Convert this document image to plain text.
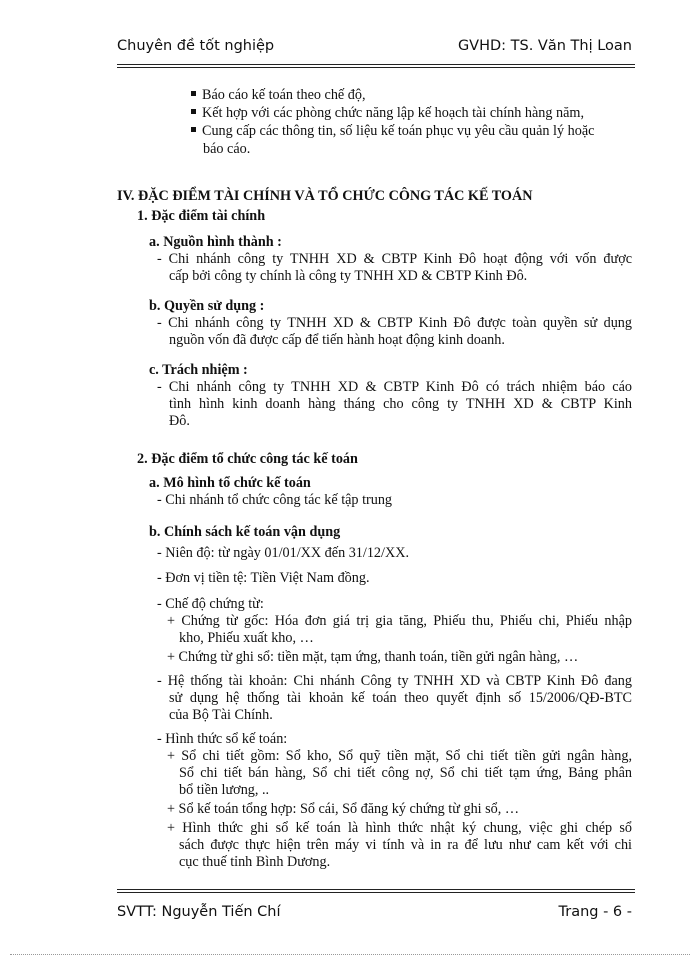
Chuyên đề tốt nghiệp	GVHD: TS. Văn Thị Loan
Báo cáo kế toán theo chế độ,
Kết hợp với các phòng chức năng lập kế hoạch tài chính hàng năm,
Cung cấp các thông tin, số liệu kế toán phục vụ yêu cầu quản lý hoặc
báo cáo.
IV. ĐẶC ĐIỂM TÀI CHÍNH VÀ TỔ CHỨC CÔNG TÁC KẾ TOÁN
1. Đặc điểm tài chính
a. Nguồn hình thành :
- Chi nhánh công ty TNHH XD & CBTP Kinh Đô hoạt động với vốn được
cấp bởi công ty chính là công ty TNHH XD & CBTP Kinh Đô.
b. Quyền sử dụng :
- Chi nhánh công ty TNHH XD & CBTP Kinh Đô được toàn quyền sử dụng
nguồn vốn đã được cấp để tiến hành hoạt động kinh doanh.
c. Trách nhiệm :
- Chi nhánh công ty TNHH XD & CBTP Kinh Đô có trách nhiệm báo cáo
tình hình kinh doanh hàng tháng cho công ty TNHH XD & CBTP Kinh
Đô.
2. Đặc điểm tổ chức công tác kế toán
a. Mô hình tổ chức kế toán
- Chi nhánh tổ chức công tác kế tập trung
b. Chính sách kế toán vận dụng
- Niên độ: từ ngày 01/01/XX đến 31/12/XX.
- Đơn vị tiền tệ: Tiền Việt Nam đồng.
- Chế độ chứng từ:
+ Chứng từ gốc: Hóa đơn giá trị gia tăng, Phiếu thu, Phiếu chi, Phiếu nhập
kho, Phiếu xuất kho, …
+ Chứng từ ghi sổ: tiền mặt, tạm ứng, thanh toán, tiền gửi ngân hàng, …
- Hệ thống tài khoản: Chi nhánh Công ty TNHH XD và CBTP Kinh Đô đang
sử dụng hệ thống tài khoản kế toán theo quyết định số 15/2006/QĐ-BTC
của Bộ Tài Chính.
- Hình thức sổ kế toán:
+ Sổ chi tiết gồm: Sổ kho, Sổ quỹ tiền mặt, Sổ chi tiết tiền gửi ngân hàng,
Sổ chi tiết bán hàng, Sổ chi tiết công nợ, Sổ chi tiết tạm ứng, Bảng phân
bổ tiền lương, ..
+ Sổ kế toán tổng hợp: Sổ cái, Sổ đăng ký chứng từ ghi sổ, …
+ Hình thức ghi sổ kế toán là hình thức nhật ký chung, việc ghi chép sổ
sách được thực hiện trên máy vi tính và in ra để lưu như cam kết với chi
cục thuế tỉnh Bình Dương.
SVTT: Nguyễn Tiến Chí	Trang - 6 -
